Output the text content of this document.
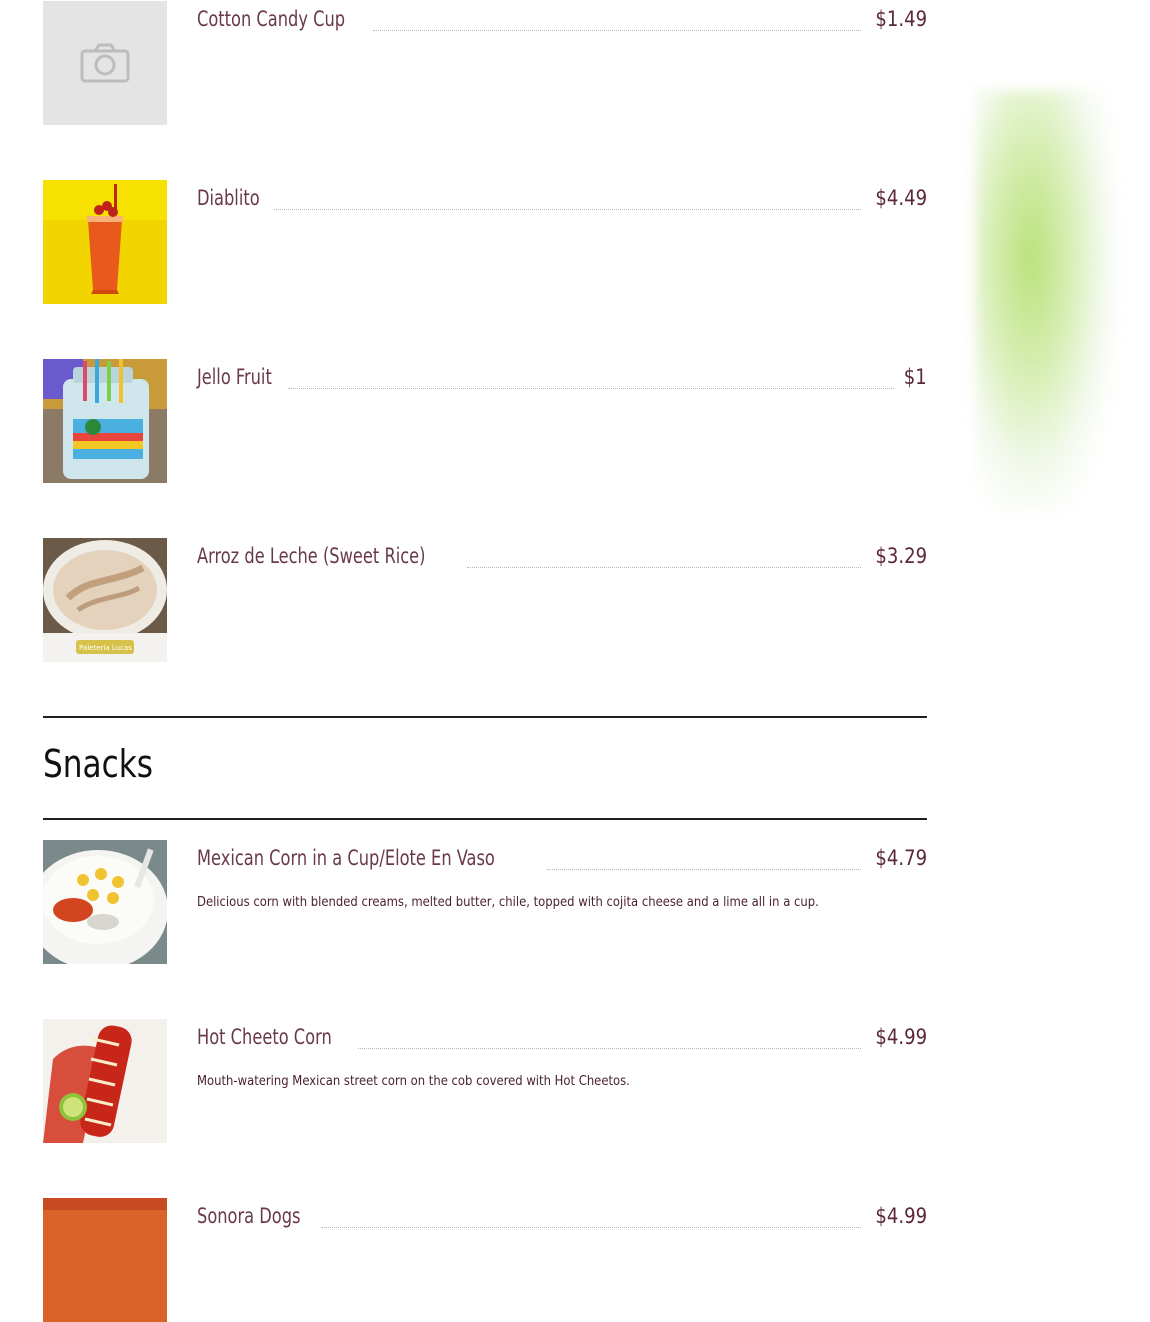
Cotton Candy Cup	$1.49
Diablito	$4.49
Jello Fruit	$1
Paleteria Lucas
Arroz de Leche (Sweet Rice)	$3.29
Snacks
Mexican Corn in a Cup/Elote En Vaso	$4.79
Delicious corn with blended creams, melted butter, chile, topped with cojita cheese and a lime all in a cup.
Hot Cheeto Corn	$4.99
Mouth-watering Mexican street corn on the cob covered with Hot Cheetos.
Sonora Dogs	$4.99
